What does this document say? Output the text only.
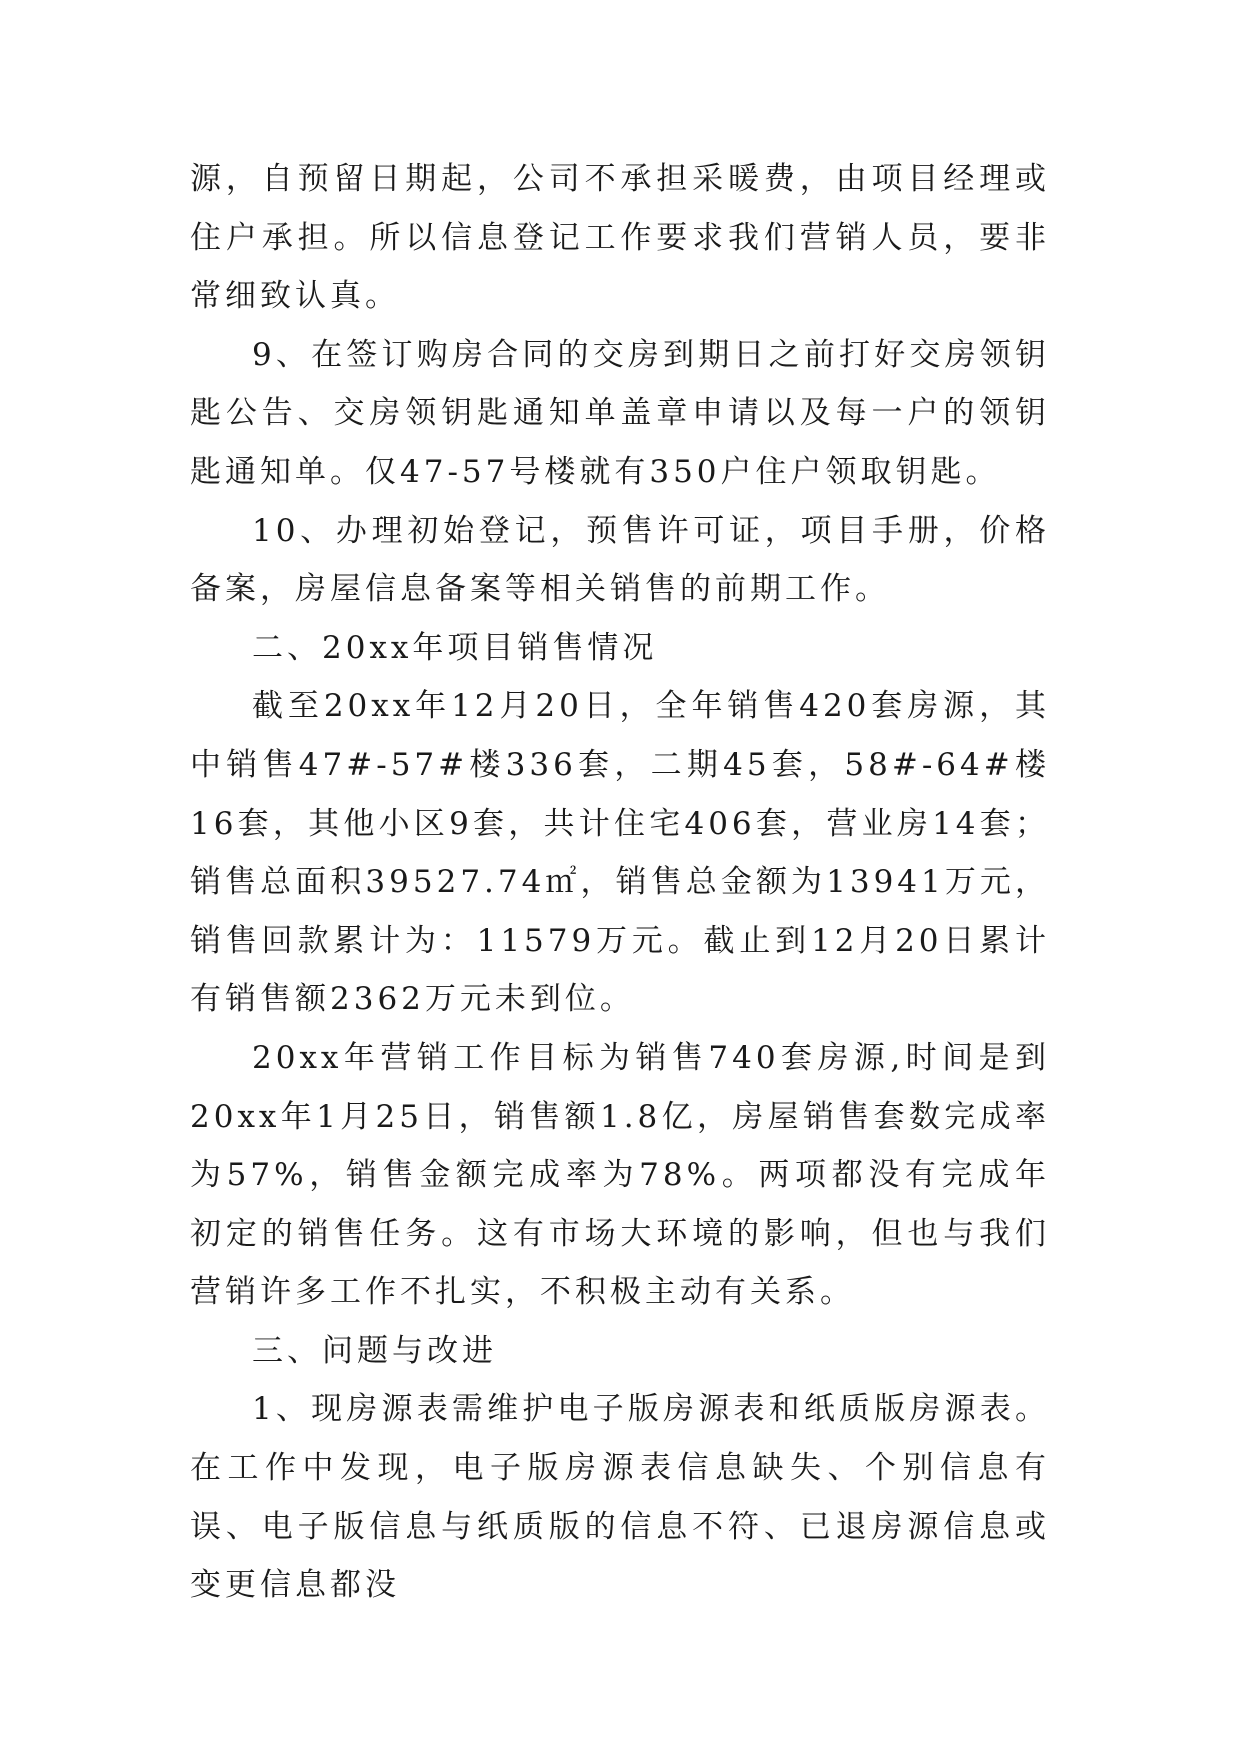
源，自预留日期起，公司不承担采暖费，由项目经理或住户承担。所以信息登记工作要求我们营销人员，要非常细致认真。

9、在签订购房合同的交房到期日之前打好交房领钥匙公告、交房领钥匙通知单盖章申请以及每一户的领钥匙通知单。仅47-57号楼就有350户住户领取钥匙。

10、办理初始登记，预售许可证，项目手册，价格备案，房屋信息备案等相关销售的前期工作。

二、20xx年项目销售情况

截至20xx年12月20日，全年销售420套房源，其中销售47#-57#楼336套，二期45套，58#-64#楼16套，其他小区9套，共计住宅406套，营业房14套；销售总面积39527.74㎡，销售总金额为13941万元，销售回款累计为：11579万元。截止到12月20日累计有销售额2362万元未到位。

20xx年营销工作目标为销售740套房源,时间是到20xx年1月25日，销售额1.8亿，房屋销售套数完成率为57%，销售金额完成率为78%。两项都没有完成年初定的销售任务。这有市场大环境的影响，但也与我们营销许多工作不扎实，不积极主动有关系。

三、问题与改进

1、现房源表需维护电子版房源表和纸质版房源表。在工作中发现，电子版房源表信息缺失、个别信息有误、电子版信息与纸质版的信息不符、已退房源信息或变更信息都没
